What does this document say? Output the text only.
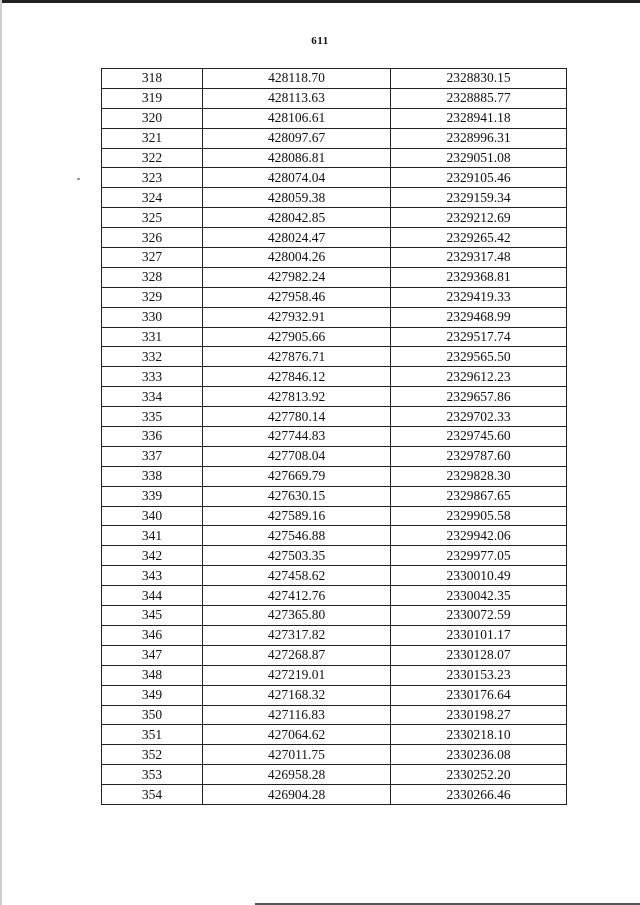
611
318	428118.70	2328830.15
319	428113.63	2328885.77
320	428106.61	2328941.18
321	428097.67	2328996.31
322	428086.81	2329051.08
323	428074.04	2329105.46
324	428059.38	2329159.34
325	428042.85	2329212.69
326	428024.47	2329265.42
327	428004.26	2329317.48
328	427982.24	2329368.81
329	427958.46	2329419.33
330	427932.91	2329468.99
331	427905.66	2329517.74
332	427876.71	2329565.50
333	427846.12	2329612.23
334	427813.92	2329657.86
335	427780.14	2329702.33
336	427744.83	2329745.60
337	427708.04	2329787.60
338	427669.79	2329828.30
339	427630.15	2329867.65
340	427589.16	2329905.58
341	427546.88	2329942.06
342	427503.35	2329977.05
343	427458.62	2330010.49
344	427412.76	2330042.35
345	427365.80	2330072.59
346	427317.82	2330101.17
347	427268.87	2330128.07
348	427219.01	2330153.23
349	427168.32	2330176.64
350	427116.83	2330198.27
351	427064.62	2330218.10
352	427011.75	2330236.08
353	426958.28	2330252.20
354	426904.28	2330266.46
